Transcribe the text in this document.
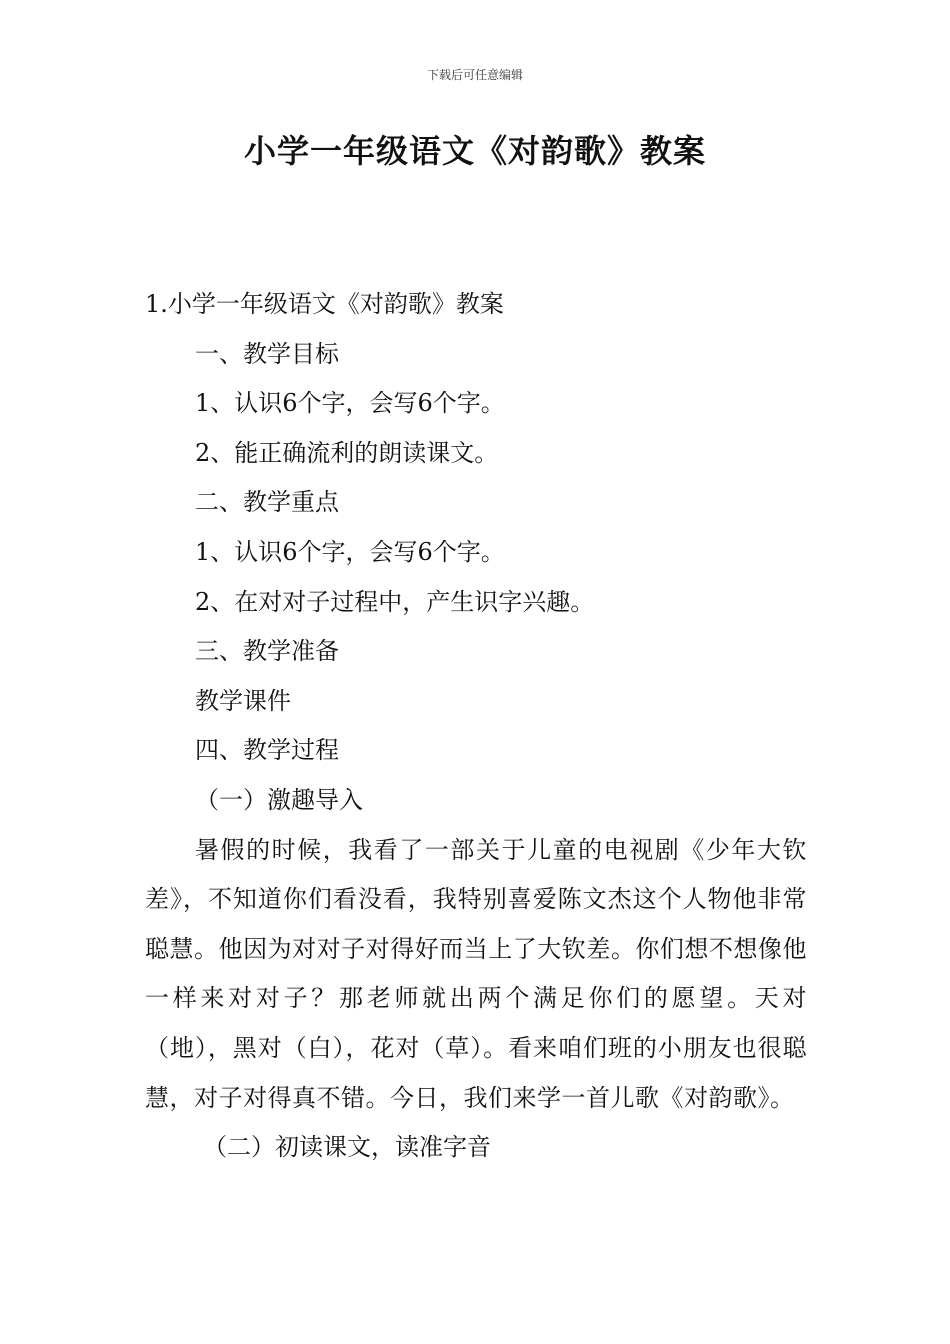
下载后可任意编辑
小学一年级语文《对韵歌》教案
1.小学一年级语文《对韵歌》教案
一、教学目标
1、认识6个字，会写6个字。
2、能正确流利的朗读课文。
二、教学重点
1、认识6个字，会写6个字。
2、在对对子过程中，产生识字兴趣。
三、教学准备
教学课件
四、教学过程
（一）激趣导入
暑假的时候，我看了一部关于儿童的电视剧《少年大钦差》，不知道你们看没看，我特别喜爱陈文杰这个人物他非常聪慧。他因为对对子对得好而当上了大钦差。你们想不想像他一样来对对子？那老师就出两个满足你们的愿望。天对（地），黑对（白），花对（草）。看来咱们班的小朋友也很聪慧，对子对得真不错。今日，我们来学一首儿歌《对韵歌》。
（二）初读课文，读准字音
